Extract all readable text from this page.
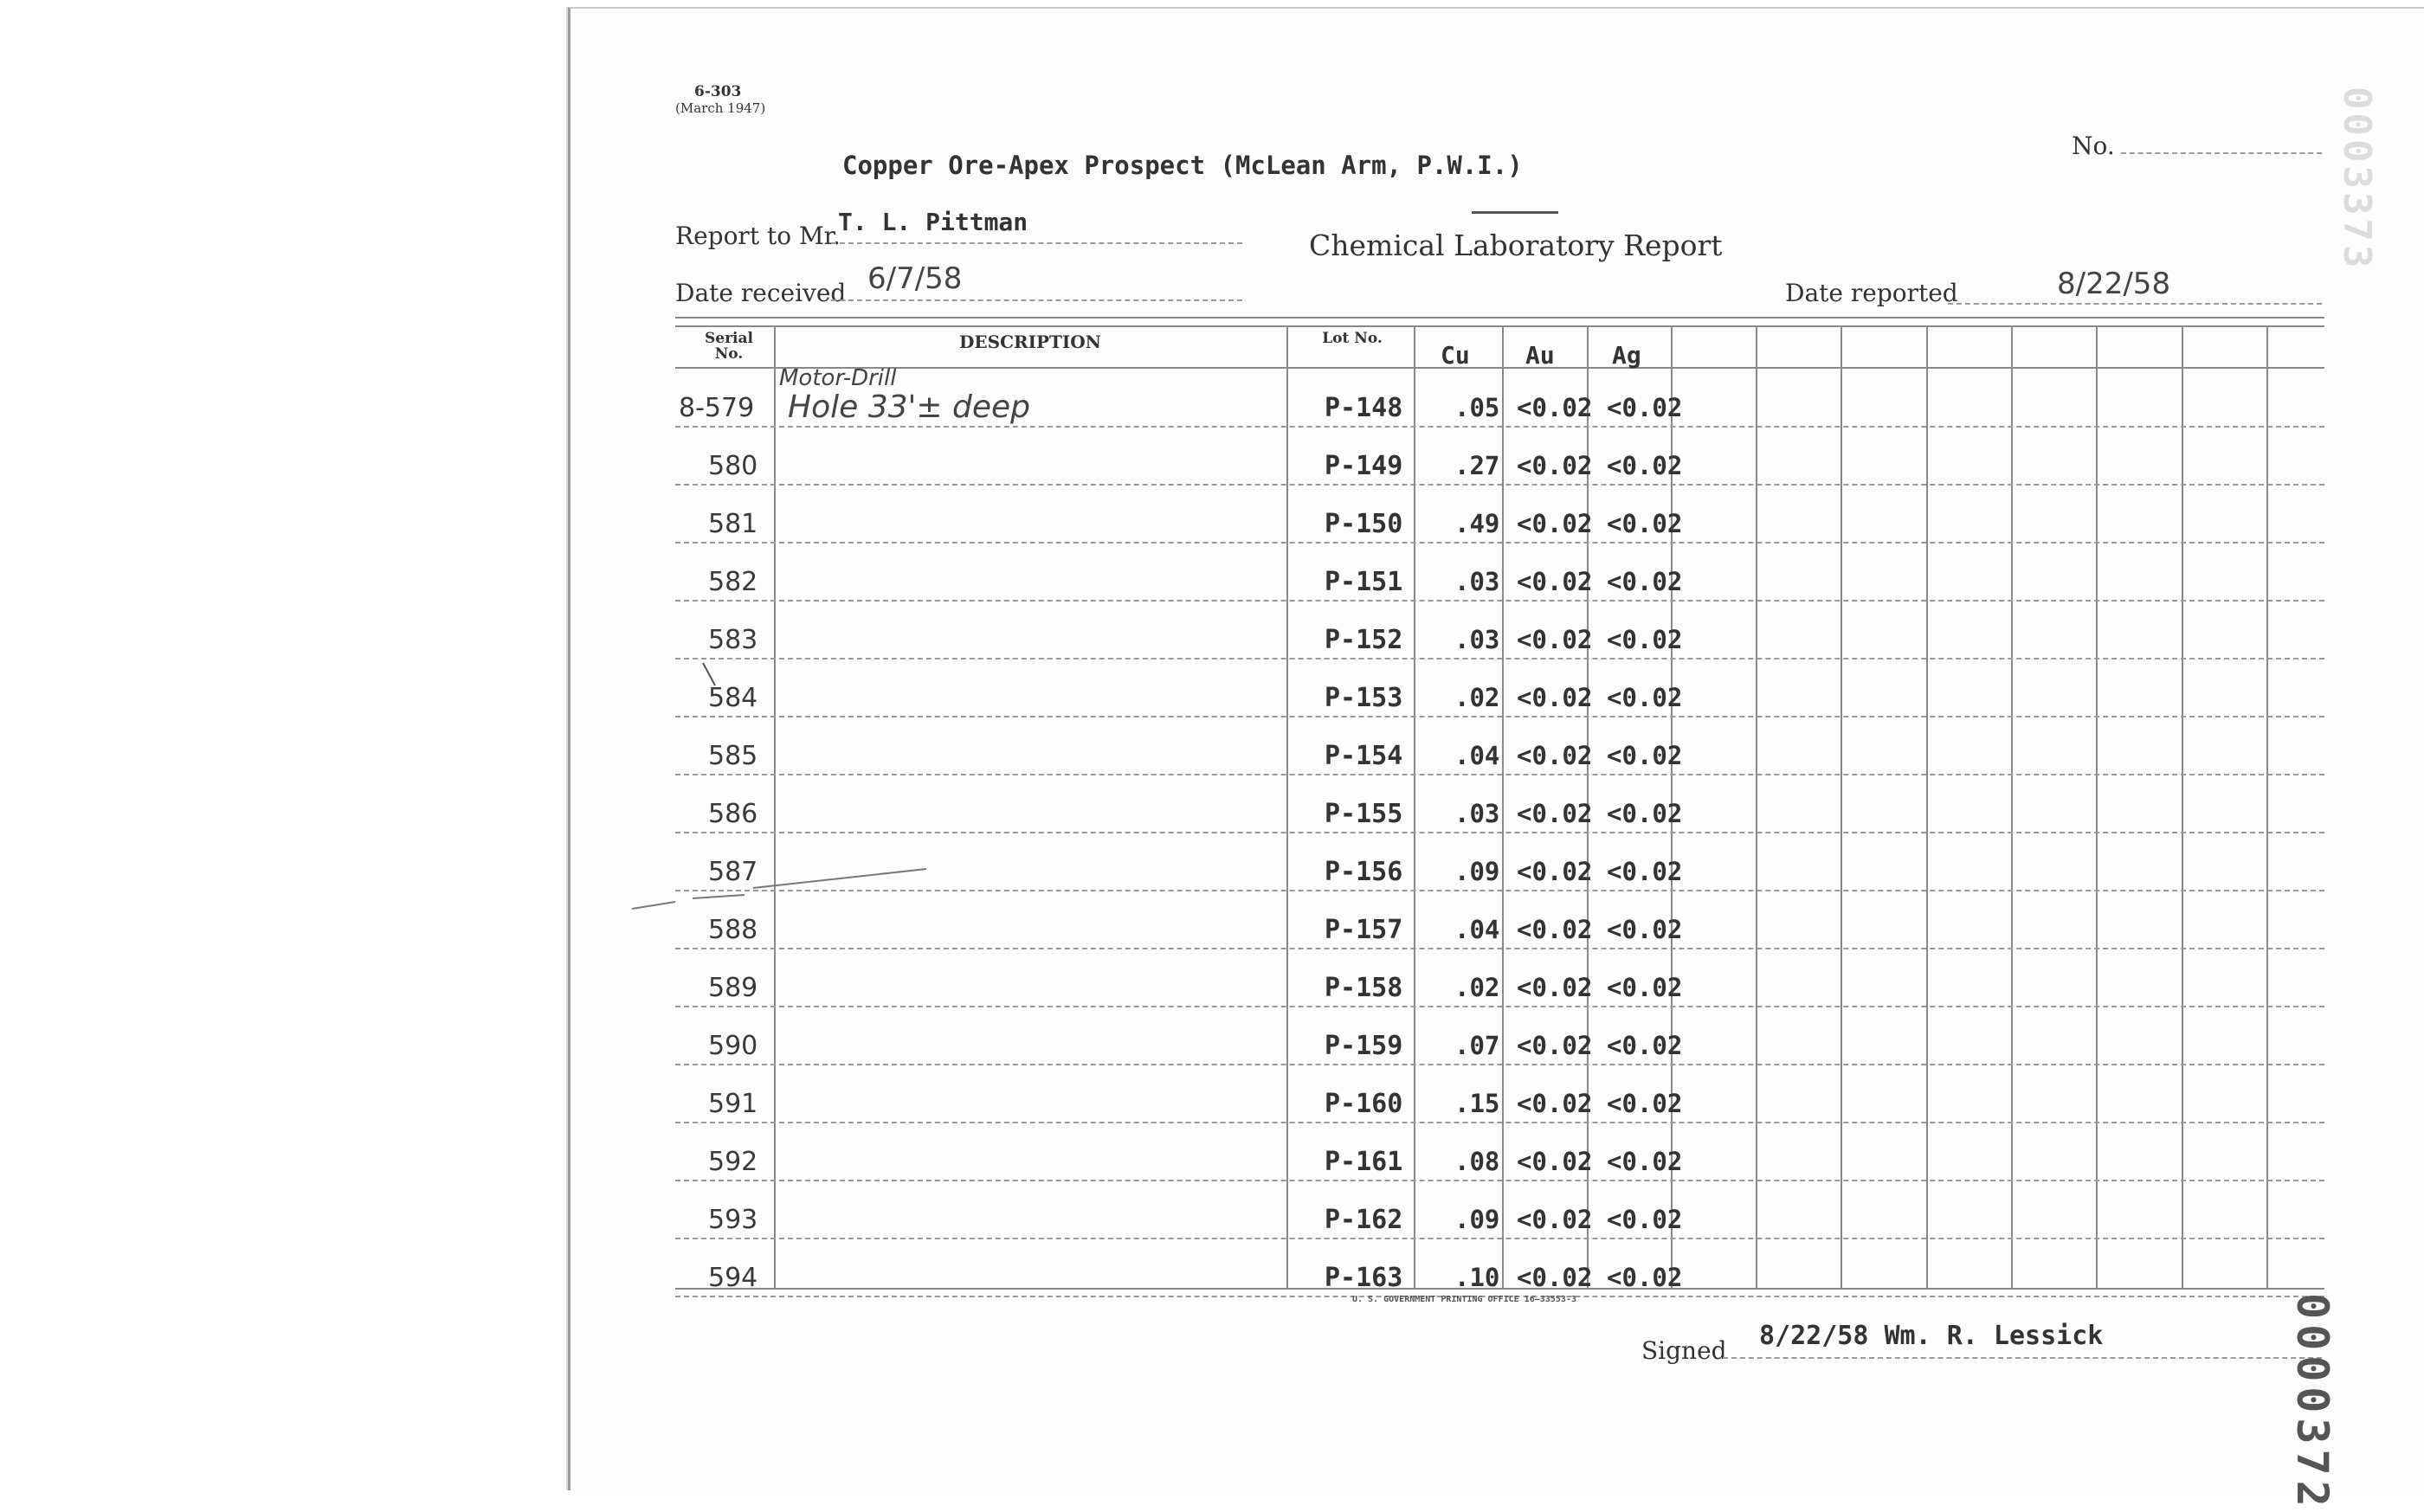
6-303
(March 1947)
Copper Ore-Apex Prospect (McLean Arm, P.W.I.)
Report to Mr.
T. L. Pittman
Chemical Laboratory Report
No.
Date received 6/7/58	Date reported	8/22/58
Serial No.
DESCRIPTION	Lot No.
Cu Au Ag
Motor-Drill
Hole 33'± deep
8-579	P-148 .05 <0.02 <0.02
580	P-149 .27 <0.02 <0.02
581	P-150 .49 <0.02 <0.02
582	P-151 .03 <0.02 <0.02
583	P-152 .03 <0.02 <0.02
584	P-153 .02 <0.02 <0.02
585	P-154 .04 <0.02 <0.02
586	P-155 .03 <0.02 <0.02
587	P-156 .09 <0.02 <0.02
588	P-157 .04 <0.02 <0.02
589	P-158 .02 <0.02 <0.02
590	P-159 .07 <0.02 <0.02
591	P-160 .15 <0.02 <0.02
592	P-161 .08 <0.02 <0.02
593	P-162 .09 <0.02 <0.02
594	P-163 .10 <0.02 <0.02
U. S. GOVERNMENT PRINTING OFFICE 16—33553-3
Signed 8/22/58 Wm. R. Lessick	0000372
0003373
